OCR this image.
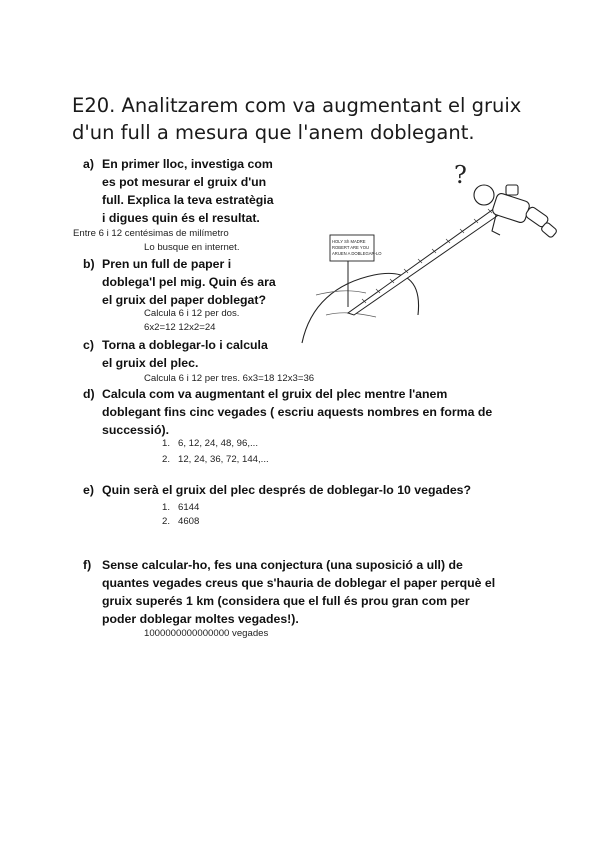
E20. Analitzarem com va augmentant el gruix
d'un full a mesura que l'anem doblegant.
HOLY Sh MADRE ROBERT ARE YOU ARUEN A DOBLEGAR-LO
?
a) En primer lloc, investiga com
es pot mesurar el gruix d'un
full. Explica la teva estratègia
i digues quin és el resultat.
Entre 6 i 12 centésimas de milímetro
Lo busque en internet.
b) Pren un full de paper i
doblega'l pel mig. Quin és ara
el gruix del paper doblegat?
Calcula 6 i 12 per dos.
6x2=12 12x2=24
c) Torna a doblegar-lo i calcula
el gruix del plec.
Calcula 6 i 12 per tres. 6x3=18 12x3=36
d) Calcula com va augmentant el gruix del plec mentre l'anem
doblegant fins cinc vegades ( escriu aquests nombres en forma de
successió).
1. 6, 12, 24, 48, 96,...
2. 12, 24, 36, 72, 144,...
e) Quin serà el gruix del plec després de doblegar-lo 10 vegades?
1. 6144
2. 4608
f) Sense calcular-ho, fes una conjectura (una suposició a ull) de
quantes vegades creus que s'hauria de doblegar el paper perquè el
gruix superés 1 km (considera que el full és prou gran com per
poder doblegar moltes vegades!).
1000000000000000 vegades
